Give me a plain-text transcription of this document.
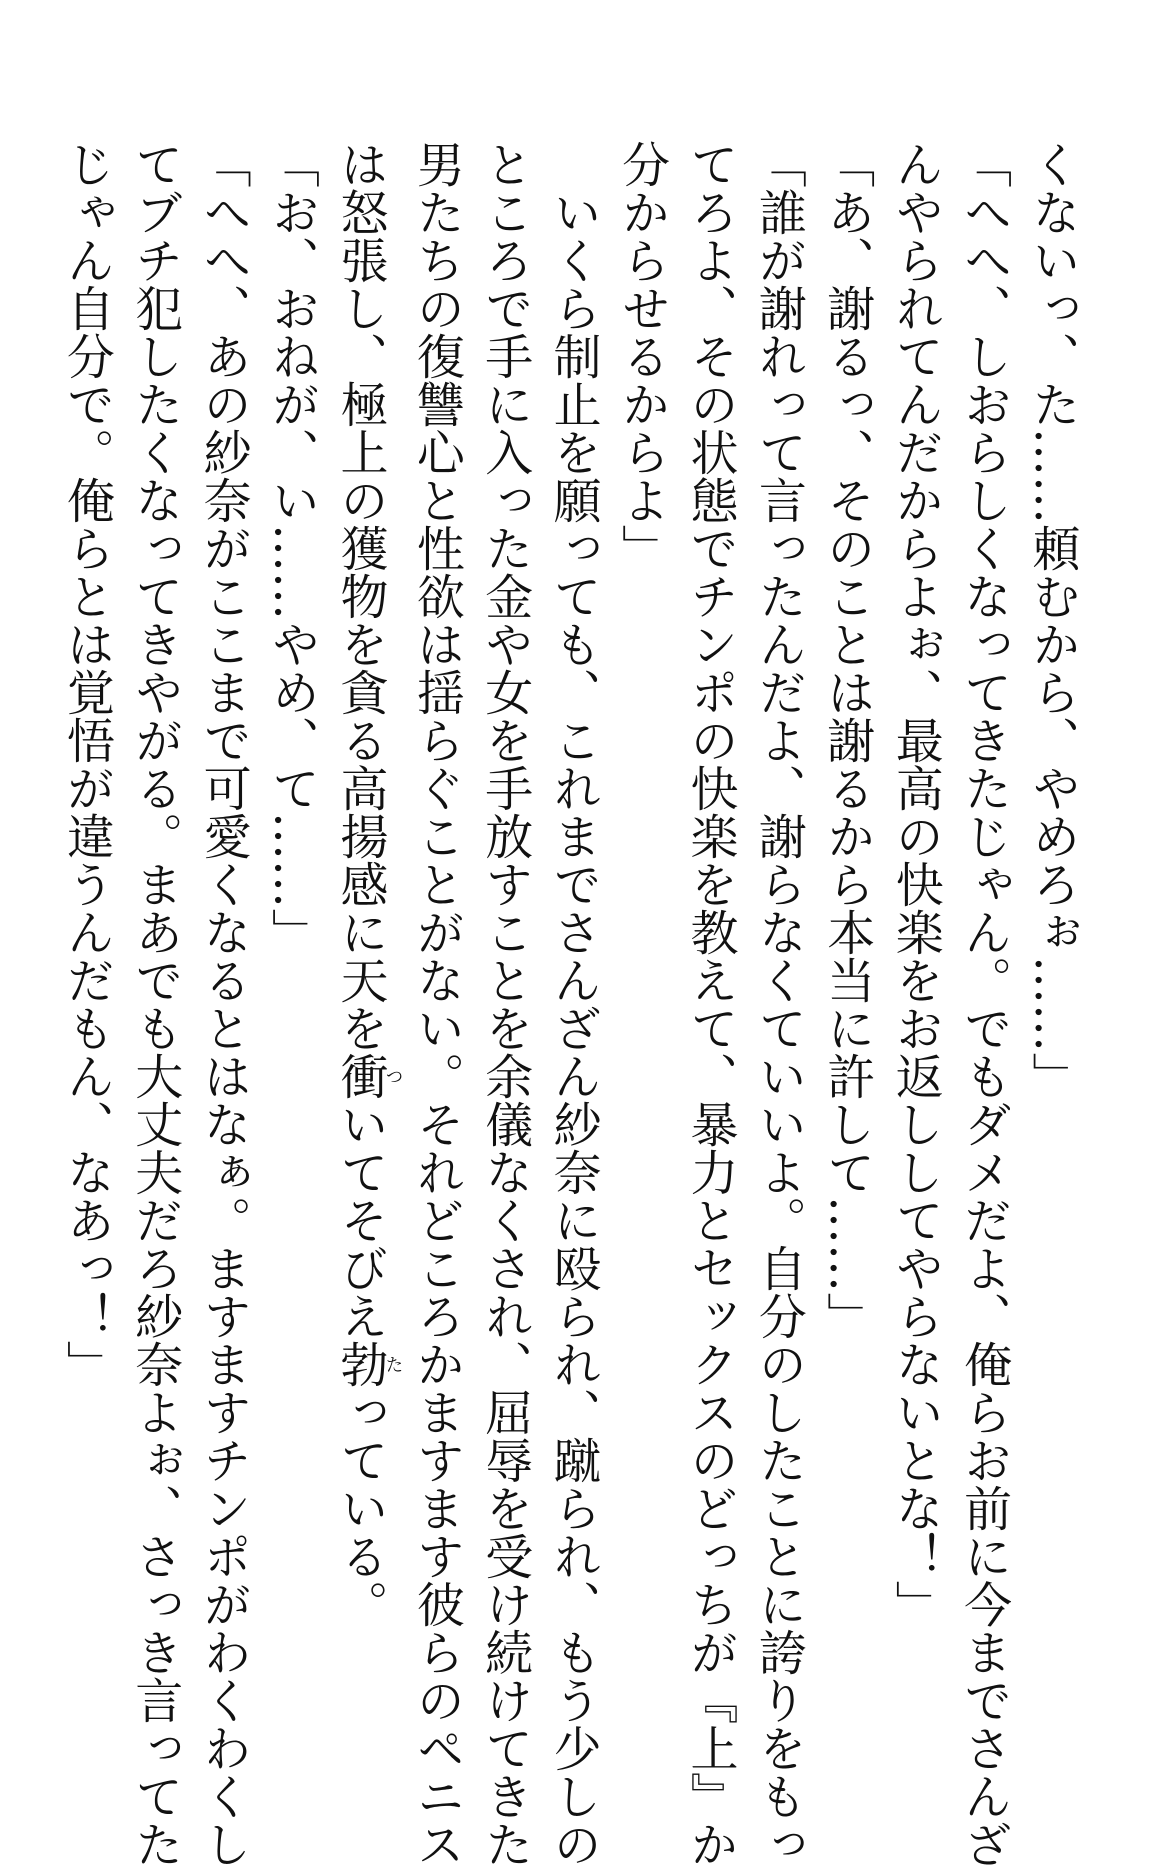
くないっ、た……頼むから、やめろぉ……」

「へへ、しおらしくなってきたじゃん。でもダメだよ、俺らお前に今までさんざ

んやられてんだからよぉ、最高の快楽をお返ししてやらないとな！」

「あ、謝るっ、そのことは謝るから本当に許して……」

「誰が謝れって言ったんだよ、謝らなくていいよ。自分のしたことに誇りをもっ

てろよ、その状態でチンポの快楽を教えて、暴力とセックスのどっちが『上』か

分からせるからよ」

　いくら制止を願っても、これまでさんざん紗奈に殴られ、蹴られ、もう少しの

ところで手に入った金や女を手放すことを余儀なくされ、屈辱を受け続けてきた

男たちの復讐心と性欲は揺らぐことがない。それどころかますます彼らのペニス

は怒張し、極上の獲物を貪る高揚感に天を衝ついてそびえ勃たっている。

「お、おねが、い……やめ、て……」

「へへ、あの紗奈がここまで可愛くなるとはなぁ。ますますチンポがわくわくし

てブチ犯したくなってきやがる。まあでも大丈夫だろ紗奈よぉ、さっき言ってた

じゃん自分で。俺らとは覚悟が違うんだもん、なあっ！」
